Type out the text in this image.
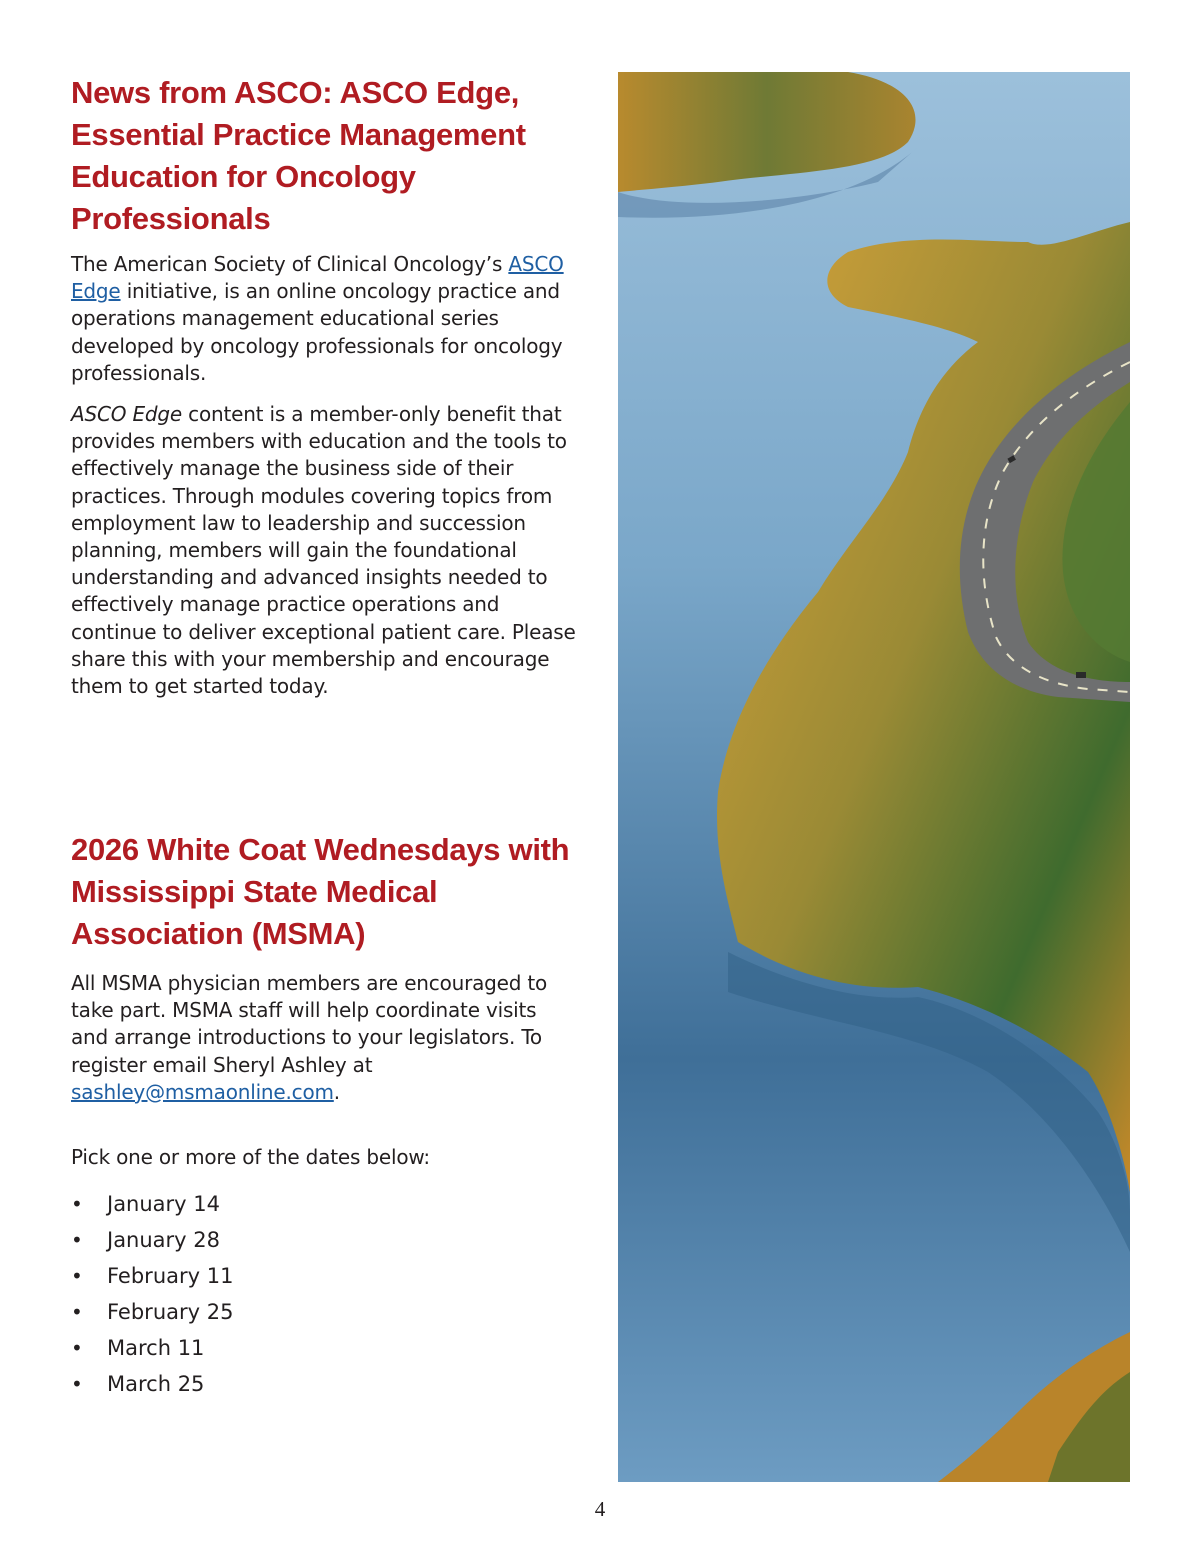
News from ASCO: ASCO Edge, Essential Practice Management Education for Oncology Professionals

The American Society of Clinical Oncology’s ASCO Edge initiative, is an online oncology practice and operations management educational series developed by oncology professionals for oncology professionals.

ASCO Edge content is a member-only benefit that provides members with education and the tools to effectively manage the business side of their practices. Through modules covering topics from employment law to leadership and succession planning, members will gain the foundational understanding and advanced insights needed to effectively manage practice operations and continue to deliver exceptional patient care. Please share this with your membership and encourage them to get started today.

2026 White Coat Wednesdays with Mississippi State Medical Association (MSMA)

All MSMA physician members are encouraged to take part. MSMA staff will help coordinate visits and arrange introductions to your legislators. To register email Sheryl Ashley at sashley@msmaonline.com.

Pick one or more of the dates below:

• January 14
• January 28
• February 11
• February 25
• March 11
• March 25
4
